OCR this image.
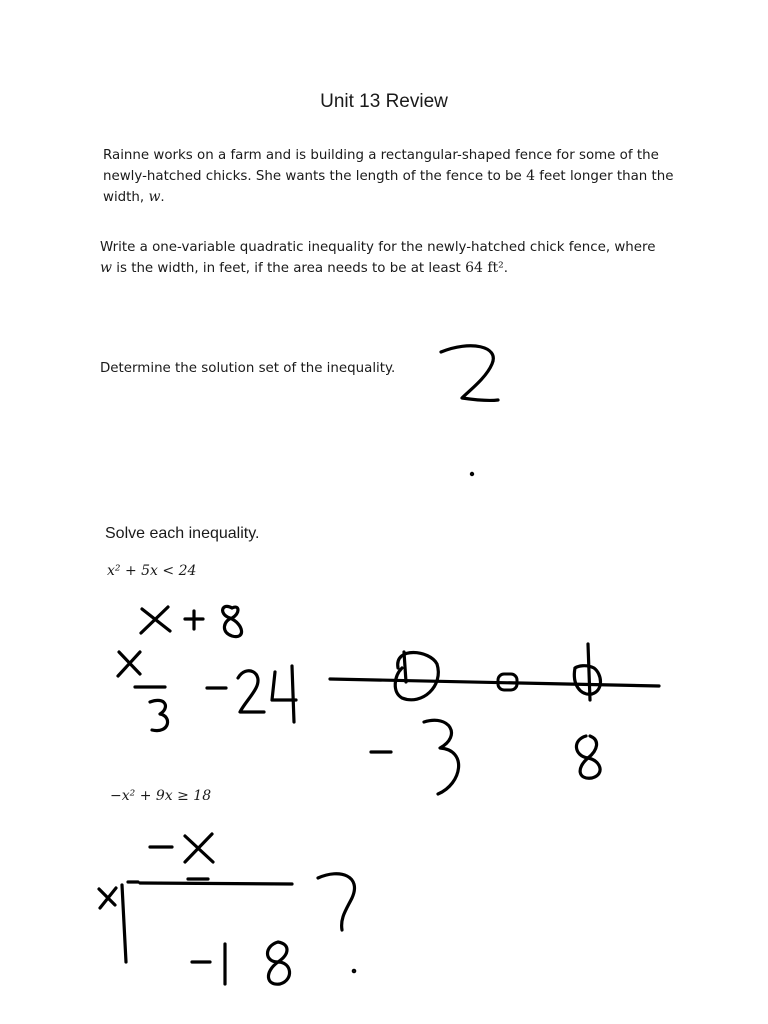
Unit 13 Review
Rainne works on a farm and is building a rectangular-shaped fence for some of the
newly-hatched chicks. She wants the length of the fence to be 4 feet longer than the
width, w.
Write a one-variable quadratic inequality for the newly-hatched chick fence, where
w is the width, in feet, if the area needs to be at least 64 ft².
Determine the solution set of the inequality.
Solve each inequality.
x² + 5x < 24
−x² + 9x ≥ 18
